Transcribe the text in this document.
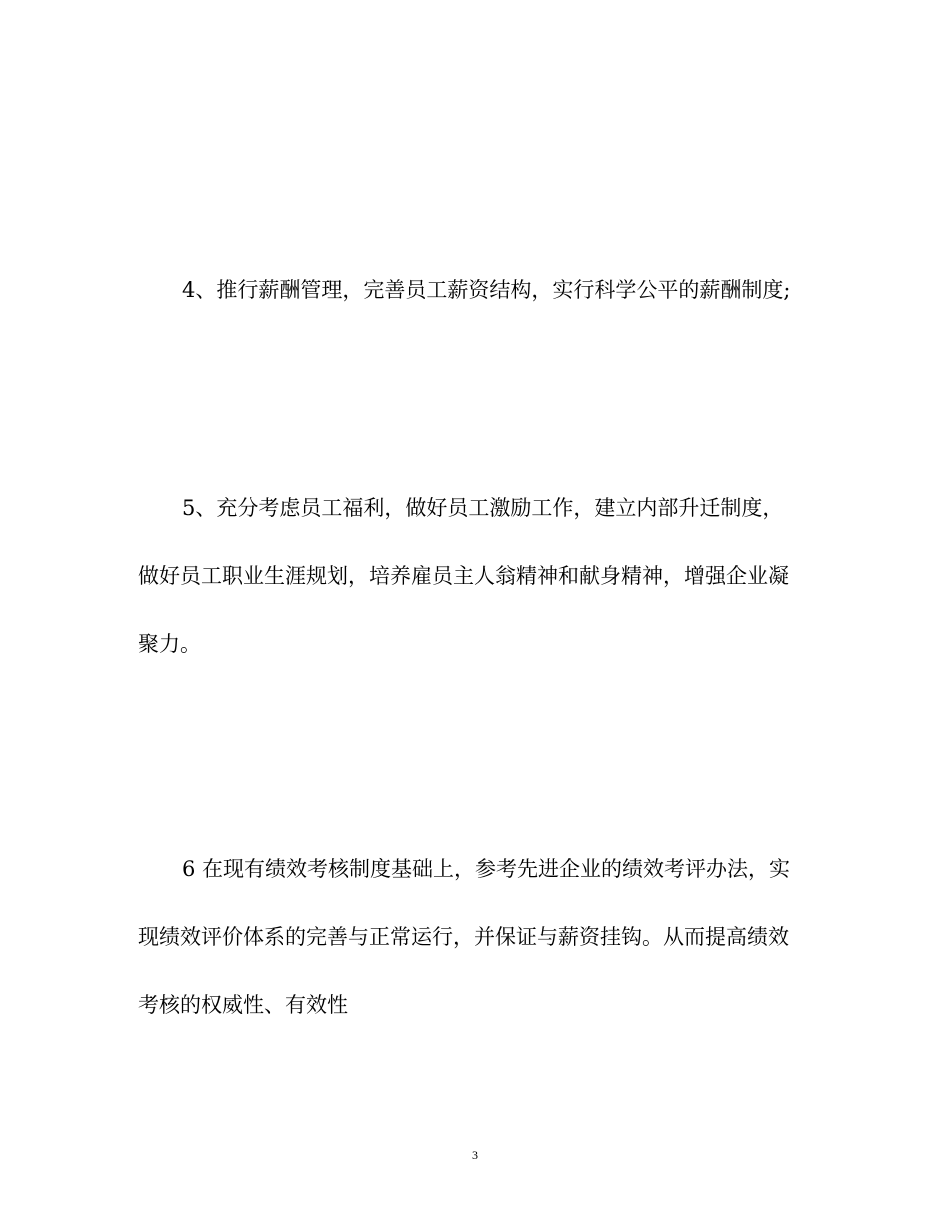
4、推行薪酬管理，完善员工薪资结构，实行科学公平的薪酬制度;

5、充分考虑员工福利，做好员工激励工作，建立内部升迁制度，
做好员工职业生涯规划，培养雇员主人翁精神和献身精神，增强企业凝
聚力。

6 在现有绩效考核制度基础上，参考先进企业的绩效考评办法，实
现绩效评价体系的完善与正常运行，并保证与薪资挂钩。从而提高绩效
考核的权威性、有效性

3
